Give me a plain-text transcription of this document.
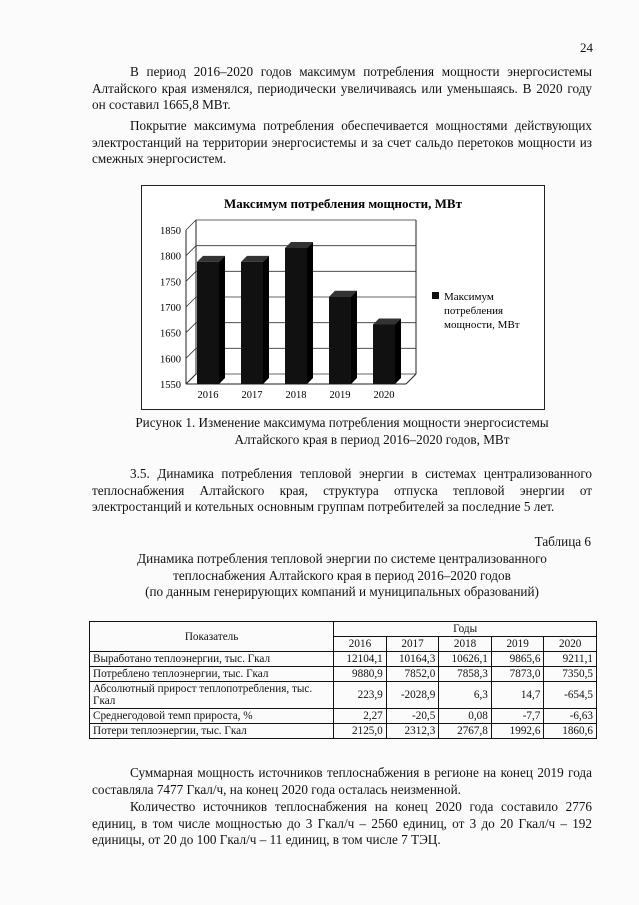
24

В период 2016–2020 годов максимум потребления мощности энергосистемы Алтайского края изменялся, периодически увеличиваясь или уменьшаясь. В 2020 году он составил 1665,8 МВт.

Покрытие максимума потребления обеспечивается мощностями действующих электростанций на территории энергосистемы и за счет сальдо перетоков мощности из смежных энергосистем.

Максимум потребления мощности, МВт
1550
1600
1650
1700
1750
1800
1850
2016 2017 2018 2019 2020
Максимум
потребления
мощности, МВт

Рисунок 1. Изменение максимума потребления мощности энергосистемы
Алтайского края в период 2016–2020 годов, МВт

3.5. Динамика потребления тепловой энергии в системах централизованного теплоснабжения Алтайского края, структура отпуска тепловой энергии от электростанций и котельных основным группам потребителей за последние 5 лет.

Таблица 6

Динамика потребления тепловой энергии по системе централизованного
теплоснабжения Алтайского края в период 2016–2020 годов
(по данным генерирующих компаний и муниципальных образований)

Показатель	Годы				
	2016	2017	2018	2019	2020
Выработано теплоэнергии, тыс. Гкал	12104,1	10164,3	10626,1	9865,6	9211,1
Потреблено теплоэнергии, тыс. Гкал	9880,9	7852,0	7858,3	7873,0	7350,5
Абсолютный прирост теплопотребления, тыс. Гкал	223,9	-2028,9	6,3	14,7	-654,5
Среднегодовой темп прироста, %	2,27	-20,5	0,08	-7,7	-6,63
Потери теплоэнергии, тыс. Гкал	2125,0	2312,3	2767,8	1992,6	1860,6

Суммарная мощность источников теплоснабжения в регионе на конец 2019 года составляла 7477 Гкал/ч, на конец 2020 года осталась неизменной.

Количество источников теплоснабжения на конец 2020 года составило 2776 единиц, в том числе мощностью до 3 Гкал/ч – 2560 единиц, от 3 до 20 Гкал/ч – 192 единицы, от 20 до 100 Гкал/ч – 11 единиц, в том числе 7 ТЭЦ.
